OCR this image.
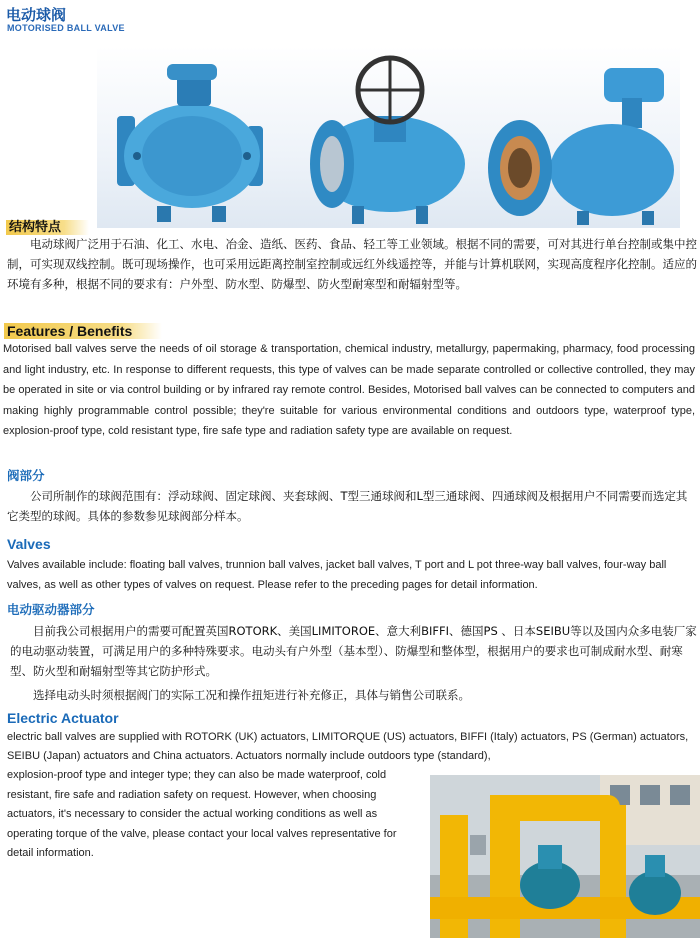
电动球阀
MOTORISED BALL VALVE
结构特点
电动球阀广泛用于石油、化工、水电、冶金、造纸、医药、食品、轻工等工业领域。根据不同的需要，可对其进行单台控制或集中控制，可实现双线控制。既可现场操作，也可采用远距离控制室控制或远红外线遥控等，并能与计算机联网，实现高度程序化控制。适应的环境有多种，根据不同的要求有：户外型、防水型、防爆型、防火型耐寒型和耐辐射型等。
Features / Benefits
Motorised ball valves serve the needs of oil storage & transportation, chemical industry, metallurgy, papermaking, pharmacy, food processing and light industry, etc. In response to different requests, this type of valves can be made separate controlled or collective controlled, they may be operated in site or via control building or by infrared ray remote control. Besides, Motorised ball valves can be connected to computers and making highly programmable control possible; they're suitable for various environmental conditions and outdoors type, waterproof type, explosion-proof type, cold resistant type, fire safe type and radiation safety type are available on request.
阀部分
公司所制作的球阀范围有：浮动球阀、固定球阀、夹套球阀、T型三通球阀和L型三通球阀、四通球阀及根据用户不同需要而选定其它类型的球阀。具体的参数参见球阀部分样本。
Valves
Valves available include: floating ball valves, trunnion ball valves, jacket ball valves, T port and L pot three-way ball valves, four-way ball valves, as well as other types of valves on request. Please refer to the preceding pages for detail information.
电动驱动器部分
目前我公司根据用户的需要可配置英国ROTORK、美国LIMITOROE、意大利BIFFI、德国PS 、日本SEIBU等以及国内众多电装厂家的电动驱动装置，可满足用户的多种特殊要求。电动头有户外型（基本型）、防爆型和整体型，根据用户的要求也可制成耐水型、耐寒型、防火型和耐辐射型等其它防护形式。
选择电动头时须根据阀门的实际工况和操作扭矩进行补充修正，具体与销售公司联系。
Electric Actuator
electric ball valves are supplied with ROTORK (UK) actuators, LIMITORQUE (US) actuators, BIFFI (Italy) actuators, PS (German) actuators, SEIBU (Japan) actuators and China actuators. Actuators normally include outdoors type (standard),
explosion-proof type and integer type; they can also be made waterproof, cold resistant, fire safe and radiation safety on request. However, when choosing actuators, it's necessary to consider the actual working conditions as well as operating torque of the valve, please contact your local valves representative for detail information.
